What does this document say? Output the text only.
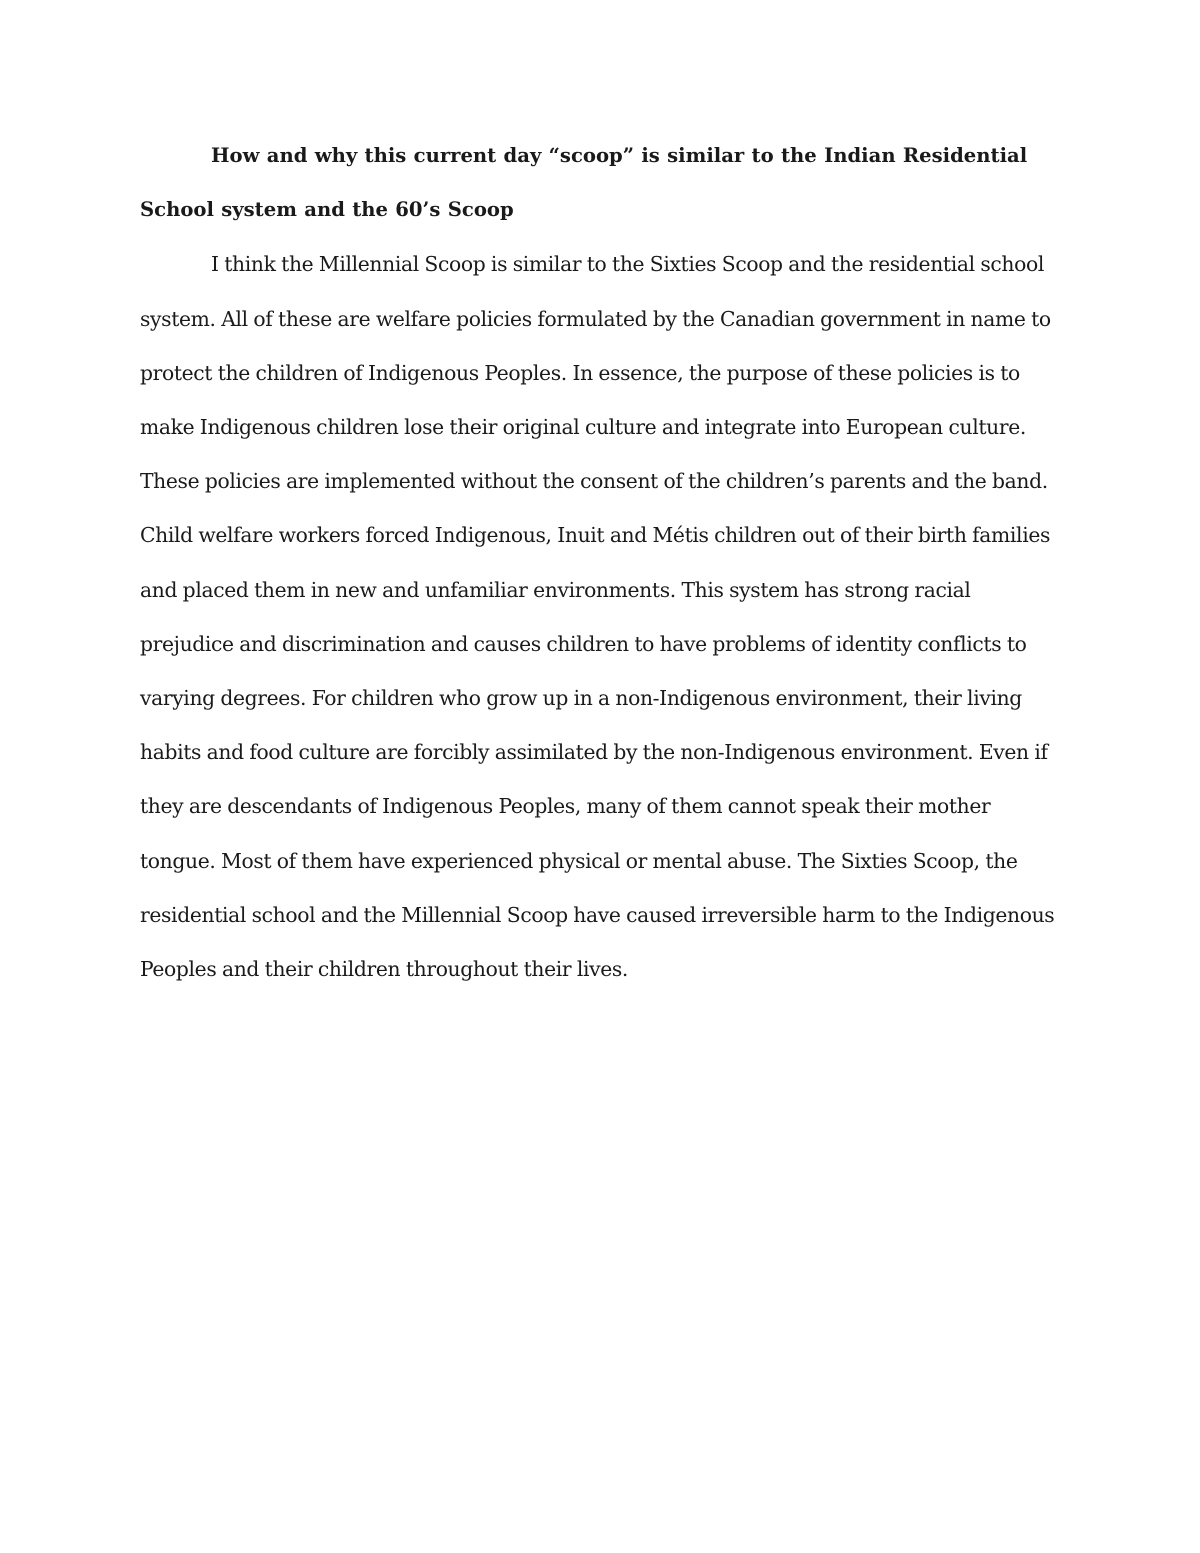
How and why this current day “scoop” is similar to the Indian Residential School system and the 60’s Scoop

I think the Millennial Scoop is similar to the Sixties Scoop and the residential school system. All of these are welfare policies formulated by the Canadian government in name to protect the children of Indigenous Peoples. In essence, the purpose of these policies is to make Indigenous children lose their original culture and integrate into European culture. These policies are implemented without the consent of the children’s parents and the band. Child welfare workers forced Indigenous, Inuit and Métis children out of their birth families and placed them in new and unfamiliar environments. This system has strong racial prejudice and discrimination and causes children to have problems of identity conflicts to varying degrees. For children who grow up in a non-Indigenous environment, their living habits and food culture are forcibly assimilated by the non-Indigenous environment. Even if they are descendants of Indigenous Peoples, many of them cannot speak their mother tongue. Most of them have experienced physical or mental abuse. The Sixties Scoop, the residential school and the Millennial Scoop have caused irreversible harm to the Indigenous Peoples and their children throughout their lives.
